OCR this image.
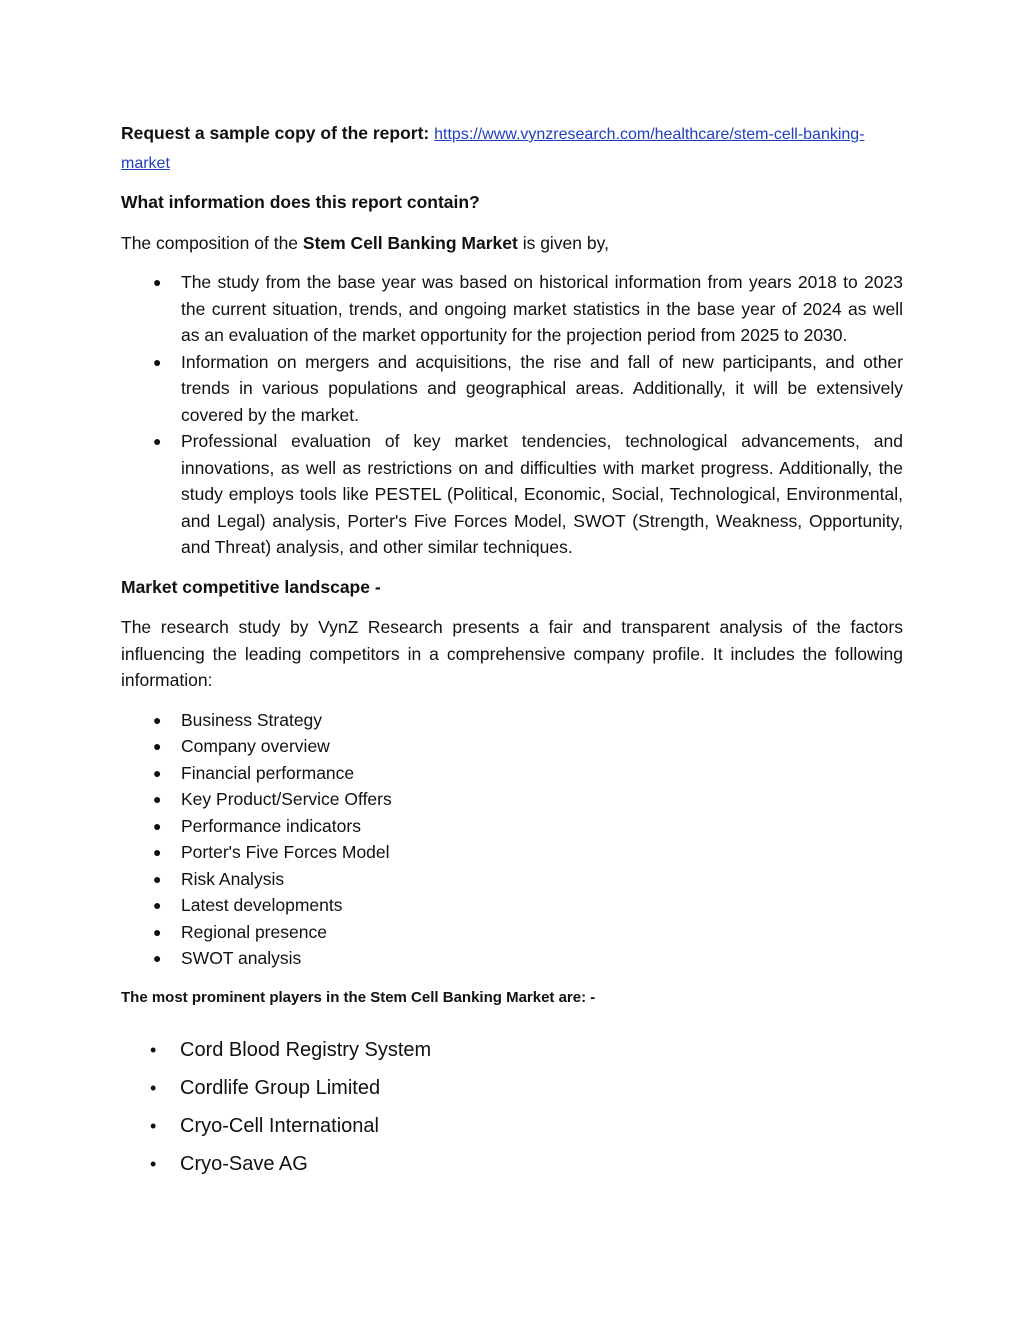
Request a sample copy of the report: https://www.vynzresearch.com/healthcare/stem-cell-banking-market

What information does this report contain?

The composition of the Stem Cell Banking Market is given by,

● The study from the base year was based on historical information from years 2018 to 2023 the current situation, trends, and ongoing market statistics in the base year of 2024 as well as an evaluation of the market opportunity for the projection period from 2025 to 2030.
● Information on mergers and acquisitions, the rise and fall of new participants, and other trends in various populations and geographical areas. Additionally, it will be extensively covered by the market.
● Professional evaluation of key market tendencies, technological advancements, and innovations, as well as restrictions on and difficulties with market progress. Additionally, the study employs tools like PESTEL (Political, Economic, Social, Technological, Environmental, and Legal) analysis, Porter's Five Forces Model, SWOT (Strength, Weakness, Opportunity, and Threat) analysis, and other similar techniques.

Market competitive landscape -

The research study by VynZ Research presents a fair and transparent analysis of the factors influencing the leading competitors in a comprehensive company profile. It includes the following information:

● Business Strategy
● Company overview
● Financial performance
● Key Product/Service Offers
● Performance indicators
● Porter's Five Forces Model
● Risk Analysis
● Latest developments
● Regional presence
● SWOT analysis

The most prominent players in the Stem Cell Banking Market are: -

• Cord Blood Registry System
• Cordlife Group Limited
• Cryo-Cell International
• Cryo-Save AG
